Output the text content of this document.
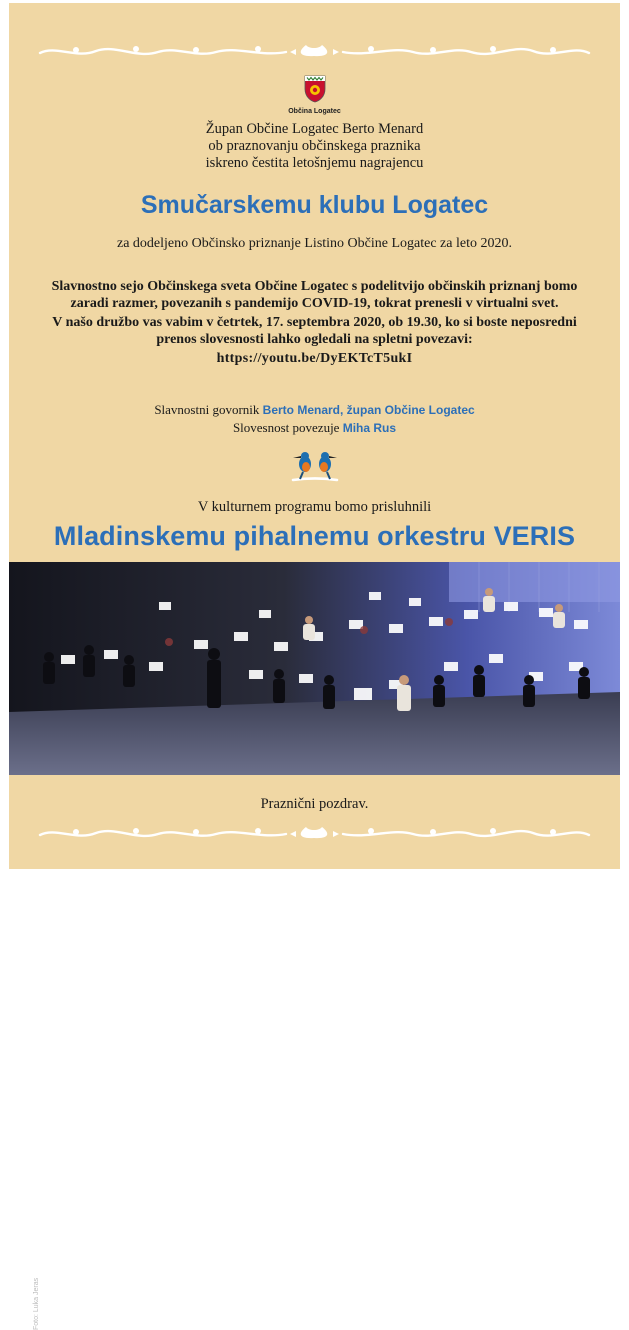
Občina Logatec
Župan Občine Logatec Berto Menard
ob praznovanju občinskega praznika
iskreno čestita letošnjemu nagrajencu
Smučarskemu klubu Logatec
za dodeljeno Občinsko priznanje Listino Občine Logatec za leto 2020.

Slavnostno sejo Občinskega sveta Občine Logatec s podelitvijo občinskih priznanj bomo zaradi razmer, povezanih s pandemijo COVID-19, tokrat prenesli v virtualni svet.

V našo družbo vas vabim v četrtek, 17. septembra 2020, ob 19.30, ko si boste neposredni prenos slovesnosti lahko ogledali na spletni povezavi:

https://youtu.be/DyEKTcT5ukI

Slavnostni govornik Berto Menard, župan Občine Logatec
Slovesnost povezuje Miha Rus
V kulturnem programu bomo prisluhnili
Mladinskemu pihalnemu orkestru VERIS
Foto: Luka Jeras
Praznični pozdrav.
